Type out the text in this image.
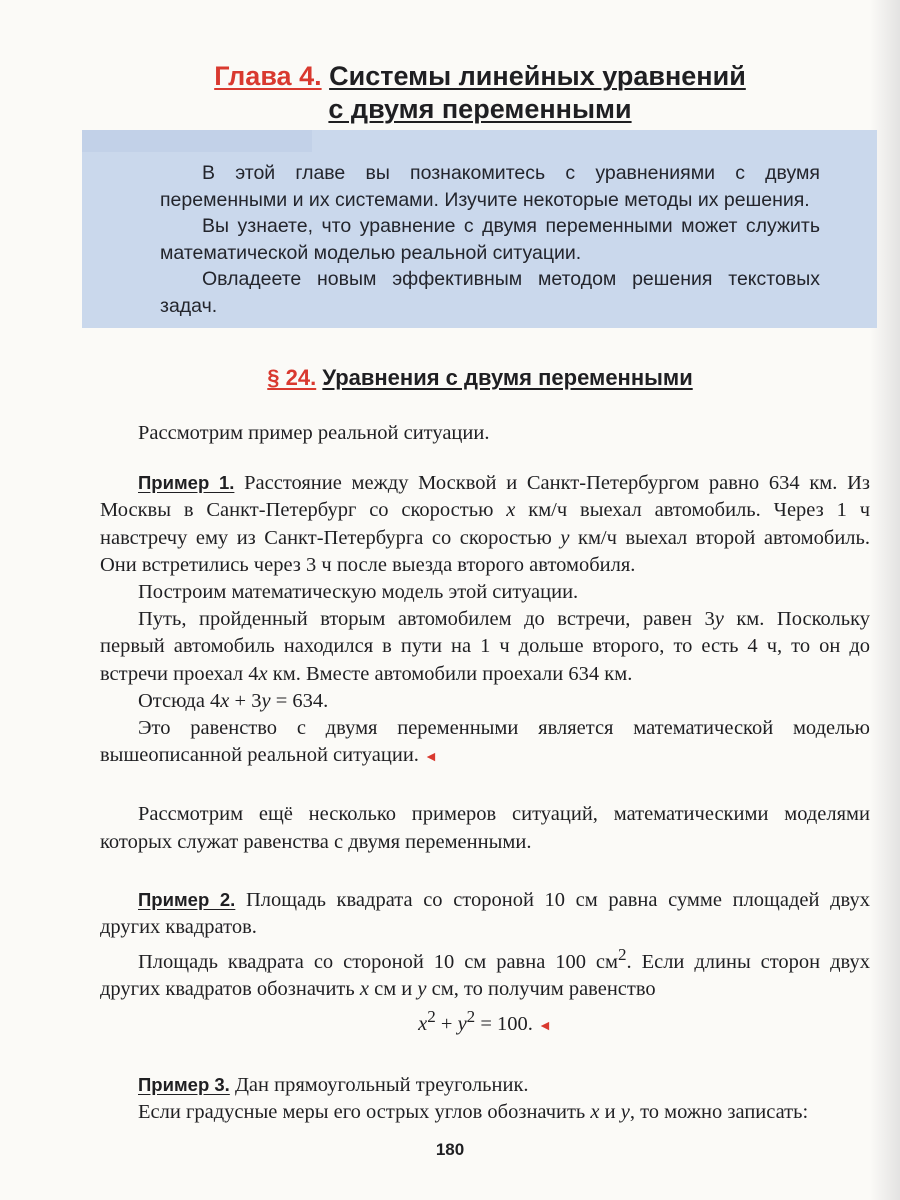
Глава 4. Системы линейных уравнений
с двумя переменными

В этой главе вы познакомитесь с уравнениями с двумя переменными и их системами. Изучите некоторые методы их решения.

Вы узнаете, что уравнение с двумя переменными может служить математической моделью реальной ситуации.

Овладеете новым эффективным методом решения текстовых задач.

§ 24. Уравнения с двумя переменными

Рассмотрим пример реальной ситуации.

Пример 1. Расстояние между Москвой и Санкт-Петербургом равно 634 км. Из Москвы в Санкт-Петербург со скоростью x км/ч выехал автомобиль. Через 1 ч навстречу ему из Санкт-Петербурга со скоростью y км/ч выехал второй автомобиль. Они встретились через 3 ч после выезда второго автомобиля.

Построим математическую модель этой ситуации.

Путь, пройденный вторым автомобилем до встречи, равен 3y км. Поскольку первый автомобиль находился в пути на 1 ч дольше второго, то есть 4 ч, то он до встречи проехал 4x км. Вместе автомобили проехали 634 км.

Отсюда 4x + 3y = 634.

Это равенство с двумя переменными является математической моделью вышеописанной реальной ситуации. ◄

Рассмотрим ещё несколько примеров ситуаций, математическими моделями которых служат равенства с двумя переменными.

Пример 2. Площадь квадрата со стороной 10 см равна сумме площадей двух других квадратов.

Площадь квадрата со стороной 10 см равна 100 $см^2$. Если длины сторон двух других квадратов обозначить x см и y см, то получим равенство

$x^2 + y^2 = 100$. ◄

Пример 3. Дан прямоугольный треугольник.

Если градусные меры его острых углов обозначить x и y, то можно записать:

180
